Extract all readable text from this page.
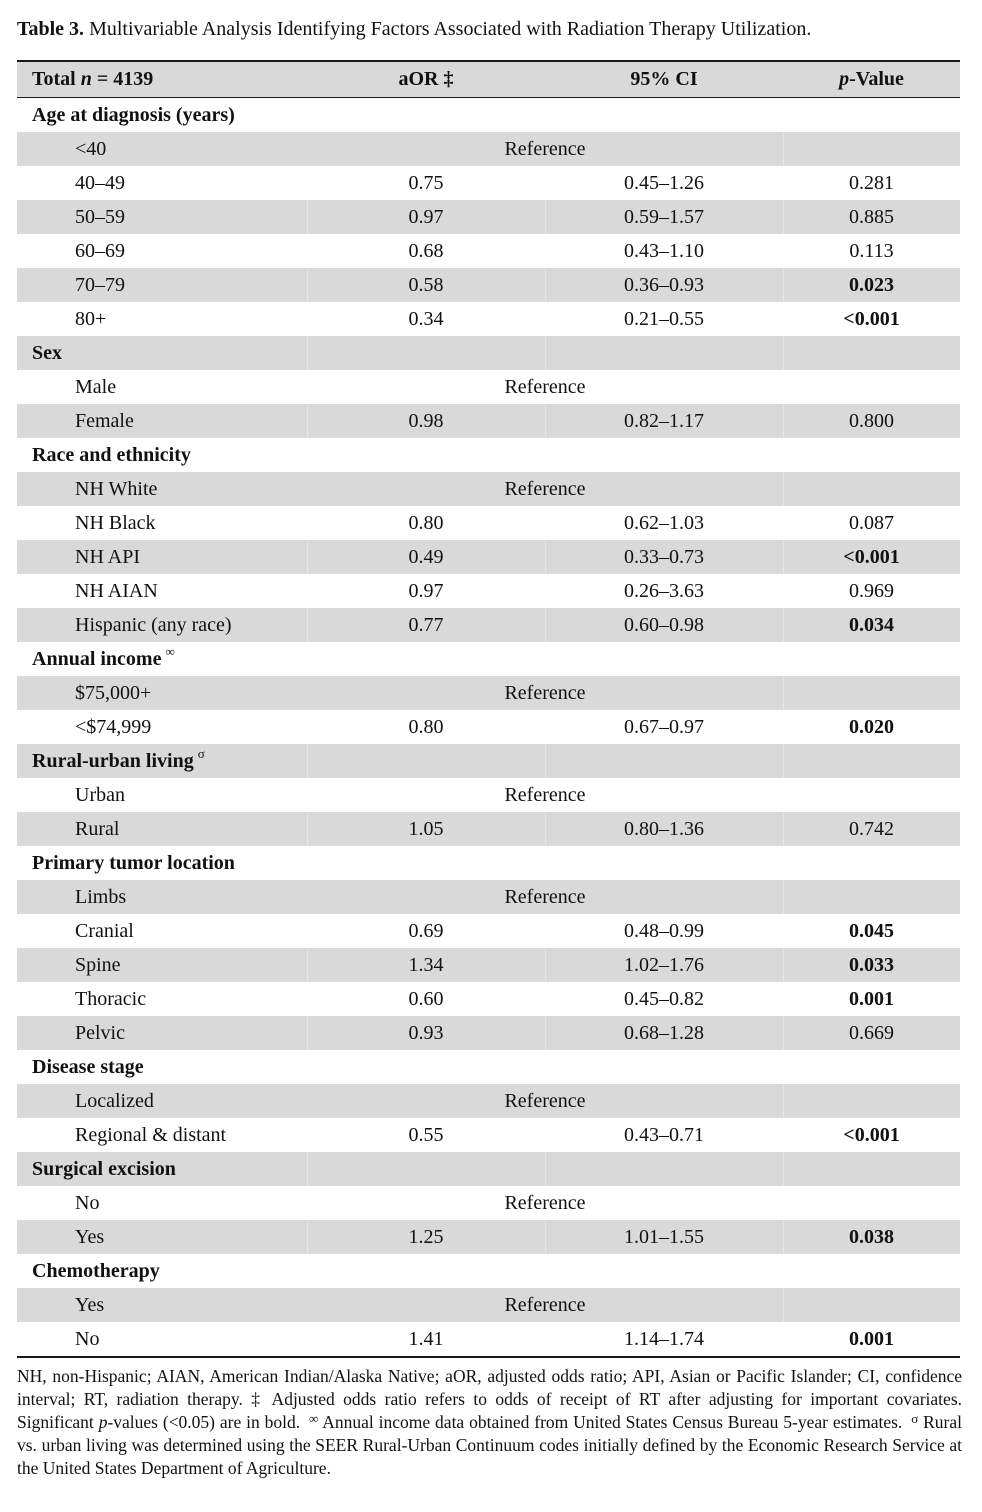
Table 3. Multivariable Analysis Identifying Factors Associated with Radiation Therapy Utilization.
Total n = 4139	aOR ‡	95% CI	p-Value
Age at diagnosis (years)
<40	Reference
40–49	0.75	0.45–1.26	0.281
50–59	0.97	0.59–1.57	0.885
60–69	0.68	0.43–1.10	0.113
70–79	0.58	0.36–0.93	0.023
80+	0.34	0.21–0.55	<0.001
Sex
Male	Reference
Female	0.98	0.82–1.17	0.800
Race and ethnicity
NH White	Reference
NH Black	0.80	0.62–1.03	0.087
NH API	0.49	0.33–0.73	<0.001
NH AIAN	0.97	0.26–3.63	0.969
Hispanic (any race)	0.77	0.60–0.98	0.034
Annual income ∞
$75,000+	Reference
<$74,999	0.80	0.67–0.97	0.020
Rural-urban living $^\sigma$
Urban	Reference
Rural	1.05	0.80–1.36	0.742
Primary tumor location
Limbs	Reference
Cranial	0.69	0.48–0.99	0.045
Spine	1.34	1.02–1.76	0.033
Thoracic	0.60	0.45–0.82	0.001
Pelvic	0.93	0.68–1.28	0.669
Disease stage
Localized	Reference
Regional & distant	0.55	0.43–0.71	<0.001
Surgical excision
No	Reference
Yes	1.25	1.01–1.55	0.038
Chemotherapy
Yes	Reference
No	1.41	1.14–1.74	0.001

NH, non-Hispanic; AIAN, American Indian/Alaska Native; aOR, adjusted odds ratio; API, Asian or Pacific Islander; CI, confidence interval; RT, radiation therapy. ‡ Adjusted odds ratio refers to odds of receipt of RT after adjusting for important covariates. Significant p-values (<0.05) are in bold. ∞ Annual income data obtained from United States Census Bureau 5-year estimates. $^\sigma$ Rural vs. urban living was determined using the SEER Rural-Urban Continuum codes initially defined by the Economic Research Service at the United States Department of Agriculture.
